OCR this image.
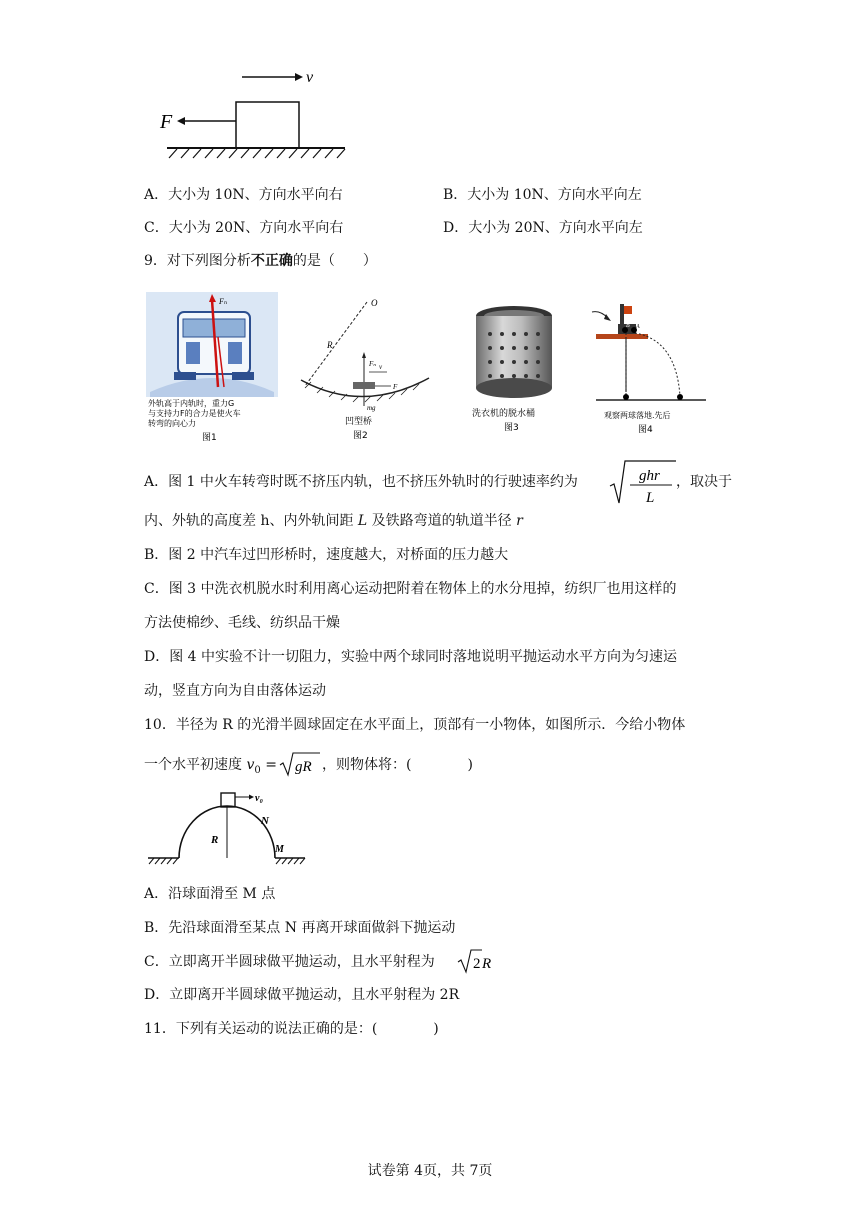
v
F
A．大小为 10N、方向水平向右	B．大小为 10N、方向水平向左
C．大小为 20N、方向水平向右	D．大小为 20N、方向水平向左
9．对下列图分析不正确的是（　　）
Fₙ
外轨高于内轨时，重力G
与支持力F的合力是使火车
转弯的向心力
图1
O
R
Fₙ v
F
mg
凹型桥
图2
洗衣机的脱水桶
图3
B A
观察两球落地.先后
图4
A．图 1 中火车转弯时既不挤压内轨，也不挤压外轨时的行驶速率约为	ghr
L
，取决于
内、外轨的高度差 h、内外轨间距 L 及铁路弯道的轨道半径 r
B．图 2 中汽车过凹形桥时，速度越大，对桥面的压力越大
C．图 3 中洗衣机脱水时利用离心运动把附着在物体上的水分甩掉，纺织厂也用这样的
方法使棉纱、毛线、纺织品干燥
D．图 4 中实验不计一切阻力，实验中两个球同时落地说明平抛运动水平方向为匀速运
动，竖直方向为自由落体运动
10．半径为 R 的光滑半圆球固定在水平面上，顶部有一小物体，如图所示．今给小物体
一个水平初速度 $v_0$ = gR ，则物体将：(　　　　)
v₀
R
N
M
A．沿球面滑至 M 点
B．先沿球面滑至某点 N 再离开球面做斜下抛运动
C．立即离开半圆球做平抛运动，且水平射程为	2 R
D．立即离开半圆球做平抛运动，且水平射程为 2R
11．下列有关运动的说法正确的是：(　　　　)
试卷第 4页，共 7页
